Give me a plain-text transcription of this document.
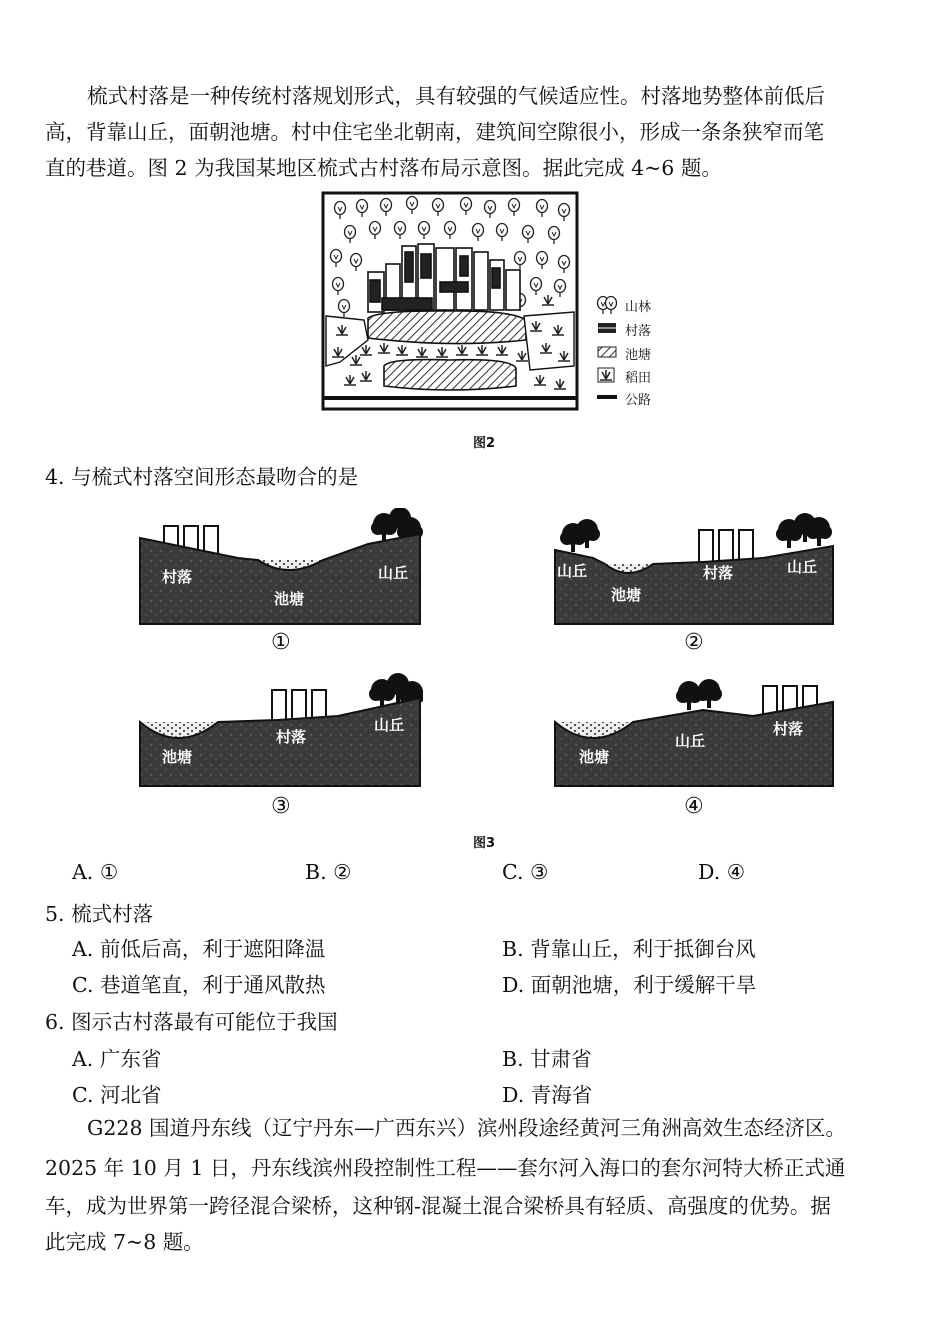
梳式村落是一种传统村落规划形式，具有较强的气候适应性。村落地势整体前低后
高，背靠山丘，面朝池塘。村中住宅坐北朝南，建筑间空隙很小，形成一条条狭窄而笔
直的巷道。图 2 为我国某地区梳式古村落布局示意图。据此完成 4~6 题。
山林
村落
池塘
稻田
公路
图2
4. 与梳式村落空间形态最吻合的是
村落
池塘
山丘
①
山丘
池塘
村落	山丘
②
池塘
村落
山丘
③
池塘
山丘
村落
④
图3
A. ①	B. ②	C. ③	D. ④
5. 梳式村落
A. 前低后高，利于遮阳降温	B. 背靠山丘，利于抵御台风
C. 巷道笔直，利于通风散热	D. 面朝池塘，利于缓解干旱
6. 图示古村落最有可能位于我国
A. 广东省	B. 甘肃省
C. 河北省	D. 青海省
G228 国道丹东线（辽宁丹东—广西东兴）滨州段途经黄河三角洲高效生态经济区。
2025 年 10 月 1 日，丹东线滨州段控制性工程——套尔河入海口的套尔河特大桥正式通
车，成为世界第一跨径混合梁桥，这种钢-混凝土混合梁桥具有轻质、高强度的优势。据
此完成 7~8 题。
